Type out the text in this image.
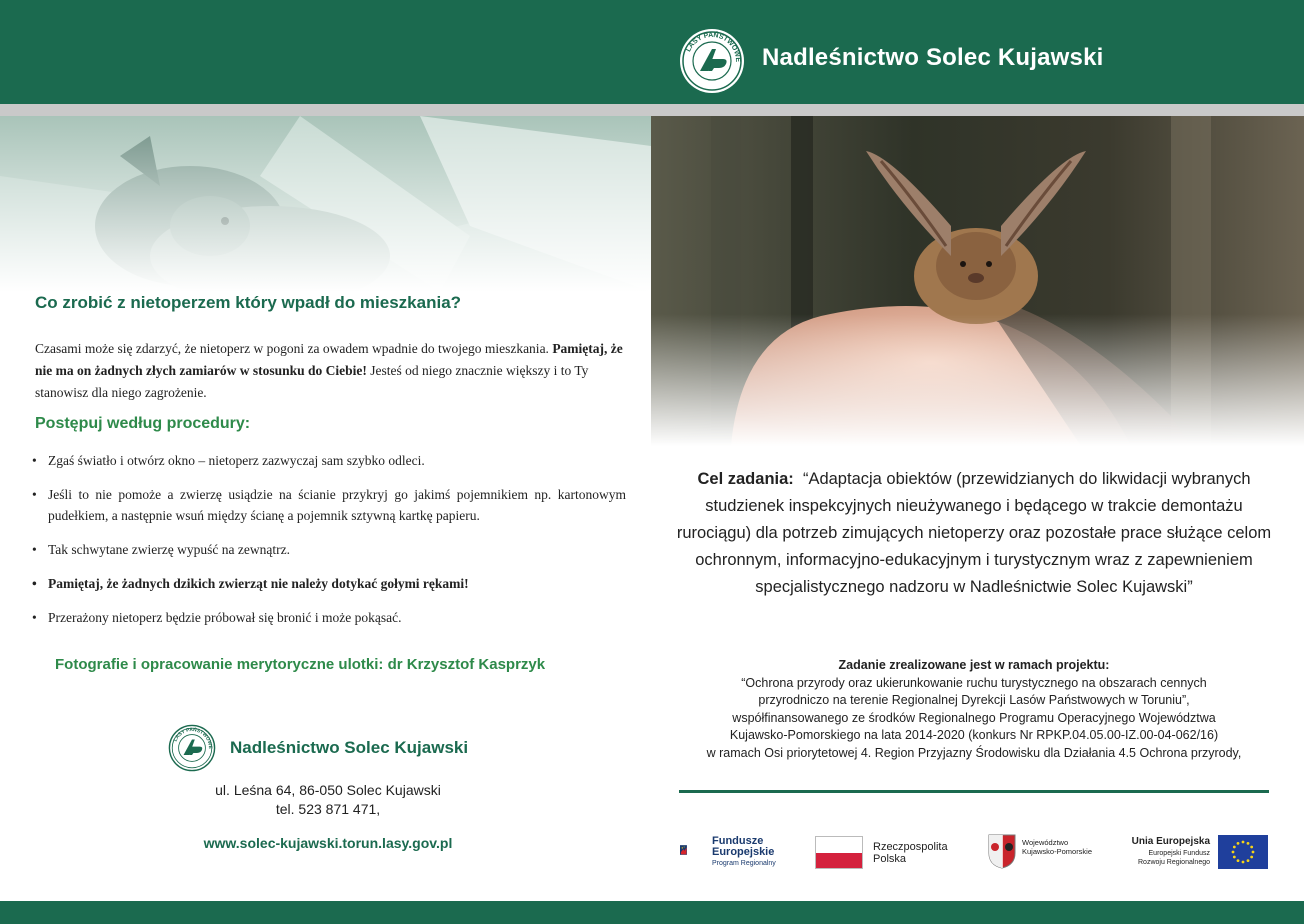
LASY PAŃSTWOWE Nadleśnictwo Solec Kujawski
Co zrobić z nietoperzem który wpadł do mieszkania?

Czasami może się zdarzyć, że nietoperz w pogoni za owadem wpadnie do twojego mieszkania. Pamiętaj, że nie ma on żadnych złych zamiarów w stosunku do Ciebie! Jesteś od niego znacznie większy i to Ty stanowisz dla niego zagrożenie.

Postępuj według procedury:
• Zgaś światło i otwórz okno – nietoperz zazwyczaj sam szybko odleci.
• Jeśli to nie pomoże a zwierzę usiądzie na ścianie przykryj go jakimś pojemnikiem np. kartonowym pudełkiem, a następnie wsuń między ścianę a pojemnik sztywną kartkę papieru.
• Tak schwytane zwierzę wypuść na zewnątrz.
• Pamiętaj, że żadnych dzikich zwierząt nie należy dotykać gołymi rękami!
• Przerażony nietoperz będzie próbował się bronić i może pokąsać.
Fotografie i opracowanie merytoryczne ulotki: dr Krzysztof Kasprzyk
LASY PAŃSTWOWE Nadleśnictwo Solec Kujawski
ul. Leśna 64, 86-050 Solec Kujawski
tel. 523 871 471,
www.solec-kujawski.torun.lasy.gov.pl

Cel zadania: “Adaptacja obiektów (przewidzianych do likwidacji wybranych studzienek inspekcyjnych nieużywanego i będącego w trakcie demontażu rurociągu) dla potrzeb zimujących nietoperzy oraz pozostałe prace służące celom ochronnym, informacyjno-edukacyjnym i turystycznym wraz z zapewnieniem specjalistycznego nadzoru w Nadleśnictwie Solec Kujawski”

Zadanie zrealizowane jest w ramach projektu:
“Ochrona przyrody oraz ukierunkowanie ruchu turystycznego na obszarach cennych
przyrodniczo na terenie Regionalnej Dyrekcji Lasów Państwowych w Toruniu”,
współfinansowanego ze środków Regionalnego Programu Operacyjnego Województwa
Kujawsko-Pomorskiego na lata 2014-2020 (konkurs Nr RPKP.04.05.00-IZ.00-04-062/16)
w ramach Osi priorytetowej 4. Region Przyjazny Środowisku dla Działania 4.5 Ochrona przyrody,
Fundusze
Europejskie
Program Regionalny
Rzeczpospolita
Polska
Województwo
Kujawsko-Pomorskie
Unia Europejska
Europejski Fundusz
Rozwoju Regionalnego
